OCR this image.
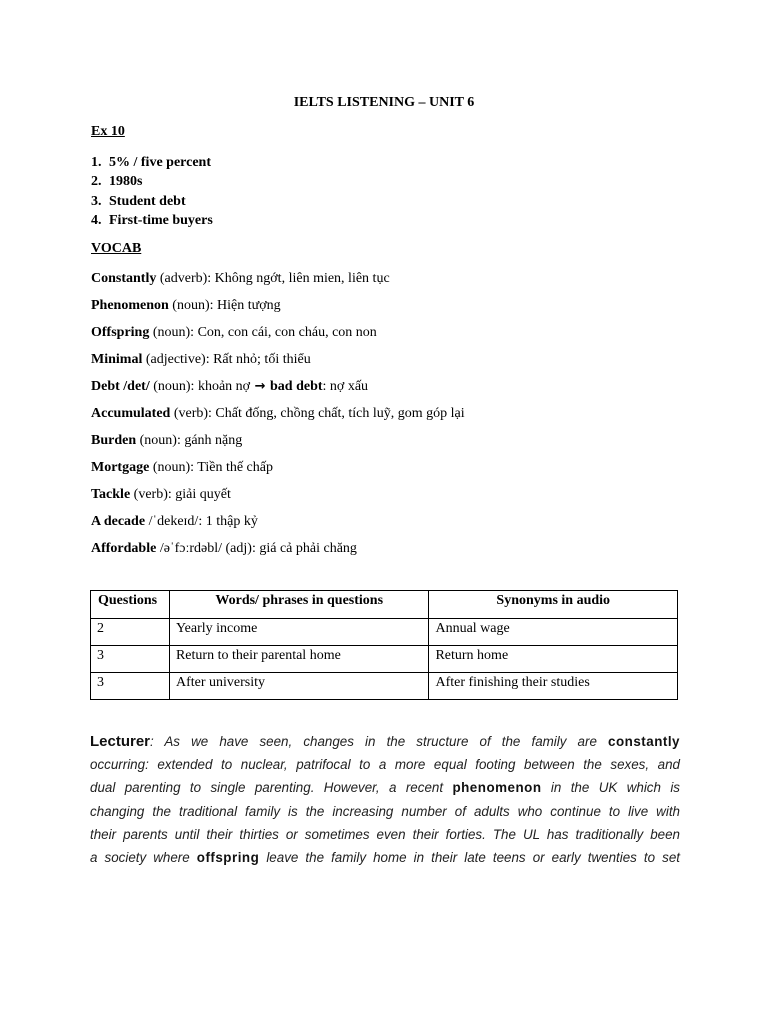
IELTS LISTENING – UNIT 6
Ex 10
1. 5% / five percent
2. 1980s
3. Student debt
4. First-time buyers
VOCAB
Constantly (adverb): Không ngớt, liên mien, liên tục
Phenomenon (noun): Hiện tượng
Offspring (noun): Con, con cái, con cháu, con non
Minimal (adjective): Rất nhỏ; tối thiểu
Debt /det/ (noun): khoản nợ → bad debt: nợ xấu
Accumulated (verb): Chất đống, chồng chất, tích luỹ, gom góp lại
Burden (noun): gánh nặng
Mortgage (noun): Tiền thế chấp
Tackle (verb): giải quyết
A decade /ˈdekeɪd/: 1 thập kỷ
Affordable /əˈfɔːrdəbl/ (adj): giá cả phải chăng
Questions	Words/ phrases in questions	Synonyms in audio
2	Yearly income	Annual wage
3	Return to their parental home	Return home
3	After university	After finishing their studies
Lecturer: As we have seen, changes in the structure of the family are constantly
occurring: extended to nuclear, patrifocal to a more equal footing between the sexes, and
dual parenting to single parenting. However, a recent phenomenon in the UK which is
changing the traditional family is the increasing number of adults who continue to live with
their parents until their thirties or sometimes even their forties. The UL has traditionally been
a society where offspring leave the family home in their late teens or early twenties to set
